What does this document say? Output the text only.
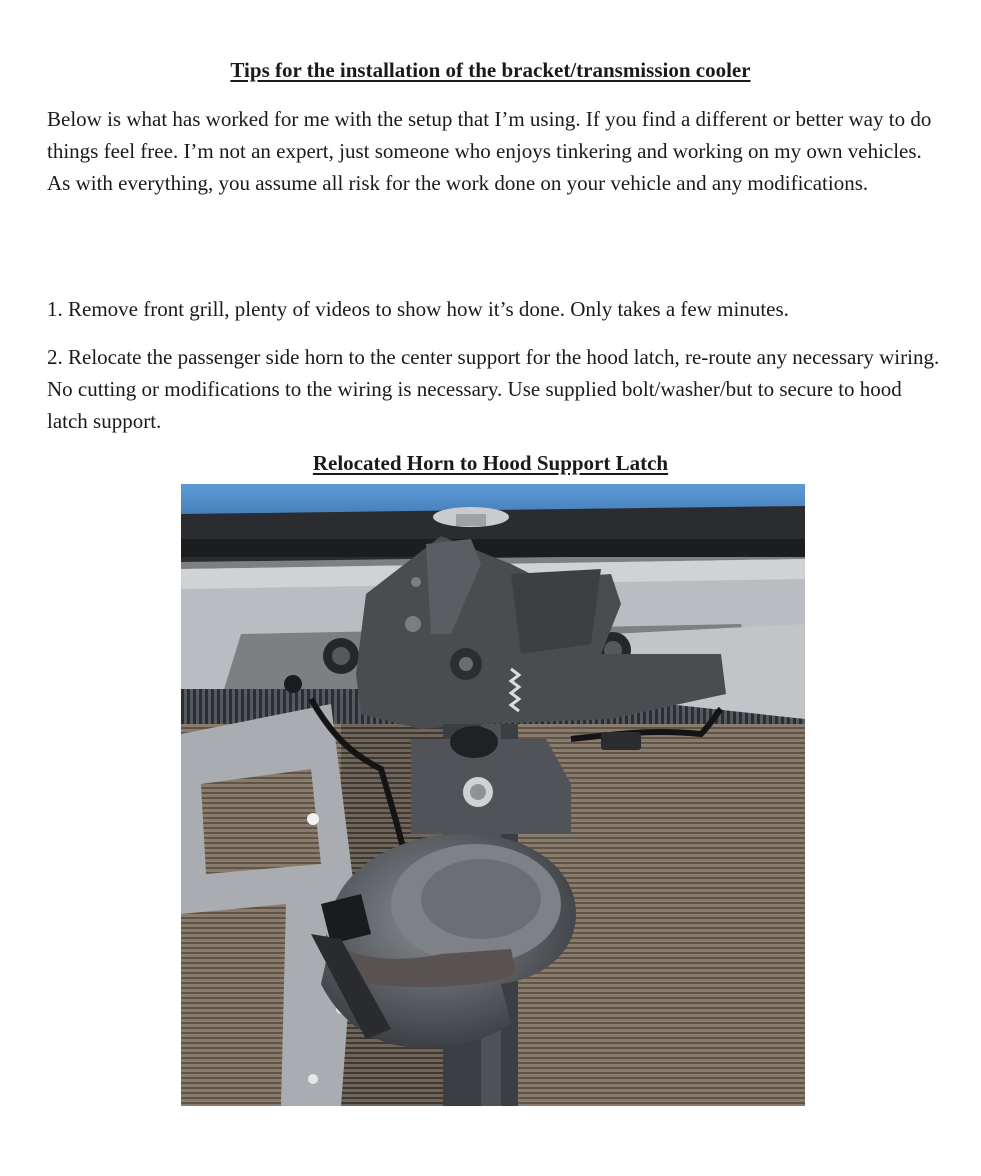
Tips for the installation of the bracket/transmission cooler

Below is what has worked for me with the setup that I’m using. If you find a different or better way to do things feel free. I’m not an expert, just someone who enjoys tinkering and working on my own vehicles. As with everything, you assume all risk for the work done on your vehicle and any modifications.

1. Remove front grill, plenty of videos to show how it’s done. Only takes a few minutes.

2. Relocate the passenger side horn to the center support for the hood latch, re-route any necessary wiring. No cutting or modifications to the wiring is necessary. Use supplied bolt/washer/but to secure to hood latch support.

Relocated Horn to Hood Support Latch
